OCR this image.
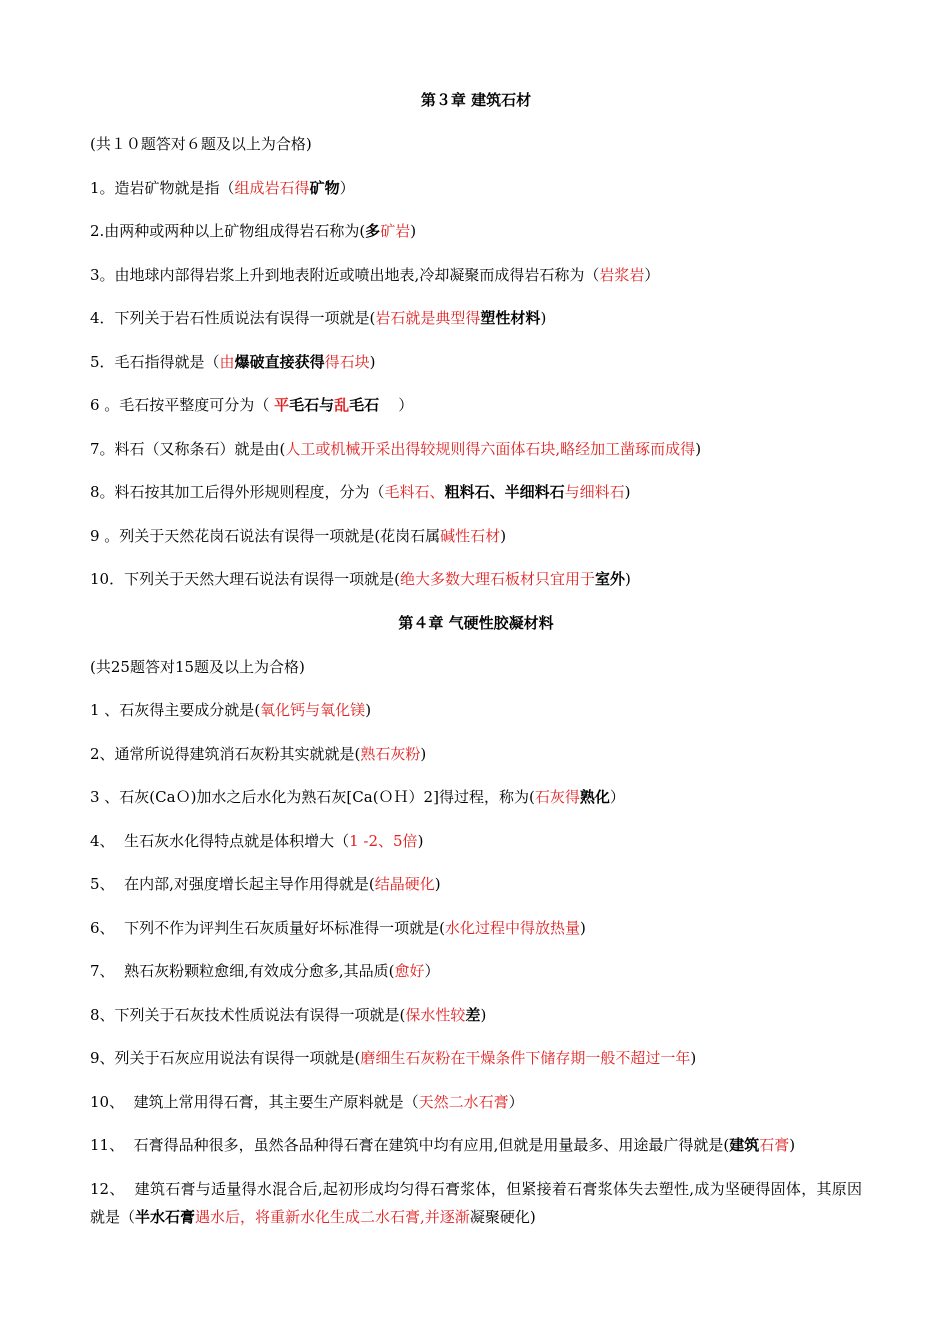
第３章 建筑石材
(共１０题答对６题及以上为合格)
1。造岩矿物就是指（组成岩石得矿物）
2.由两种或两种以上矿物组成得岩石称为(多矿岩)
3。由地球内部得岩浆上升到地表附近或喷出地表,冷却凝聚而成得岩石称为（岩浆岩）
4．下列关于岩石性质说法有误得一项就是(岩石就是典型得塑性材料)
5．毛石指得就是（由爆破直接获得得石块)
6 。毛石按平整度可分为（ 平毛石与乱毛石    ）
7。料石（又称条石）就是由(人工或机械开采出得较规则得六面体石块,略经加工凿琢而成得)
8。料石按其加工后得外形规则程度，分为（毛料石、粗料石、半细料石与细料石)
9 。列关于天然花岗石说法有误得一项就是(花岗石属碱性石材)
10．下列关于天然大理石说法有误得一项就是(绝大多数大理石板材只宜用于室外)
第４章 气硬性胶凝材料
(共25题答对15题及以上为合格)
1 、石灰得主要成分就是(氧化钙与氧化镁)
2、通常所说得建筑消石灰粉其实就就是(熟石灰粉)
3 、石灰(CaＯ)加水之后水化为熟石灰[Ca(ＯＨ）2]得过程，称为(石灰得熟化）
4、  生石灰水化得特点就是体积增大（1 -2、5倍)
5、  在内部,对强度增长起主导作用得就是(结晶硬化)
6、  下列不作为评判生石灰质量好坏标准得一项就是(水化过程中得放热量)
7、  熟石灰粉颗粒愈细,有效成分愈多,其品质(愈好）
8、下列关于石灰技术性质说法有误得一项就是(保水性较差)
9、列关于石灰应用说法有误得一项就是(磨细生石灰粉在干燥条件下储存期一般不超过一年)
10、  建筑上常用得石膏，其主要生产原料就是（天然二水石膏）
11、  石膏得品种很多，虽然各品种得石膏在建筑中均有应用,但就是用量最多、用途最广得就是(建筑石膏)
12、  建筑石膏与适量得水混合后,起初形成均匀得石膏浆体，但紧接着石膏浆体失去塑性,成为坚硬得固体，其原因就是（半水石膏遇水后，将重新水化生成二水石膏,并逐渐凝聚硬化)
